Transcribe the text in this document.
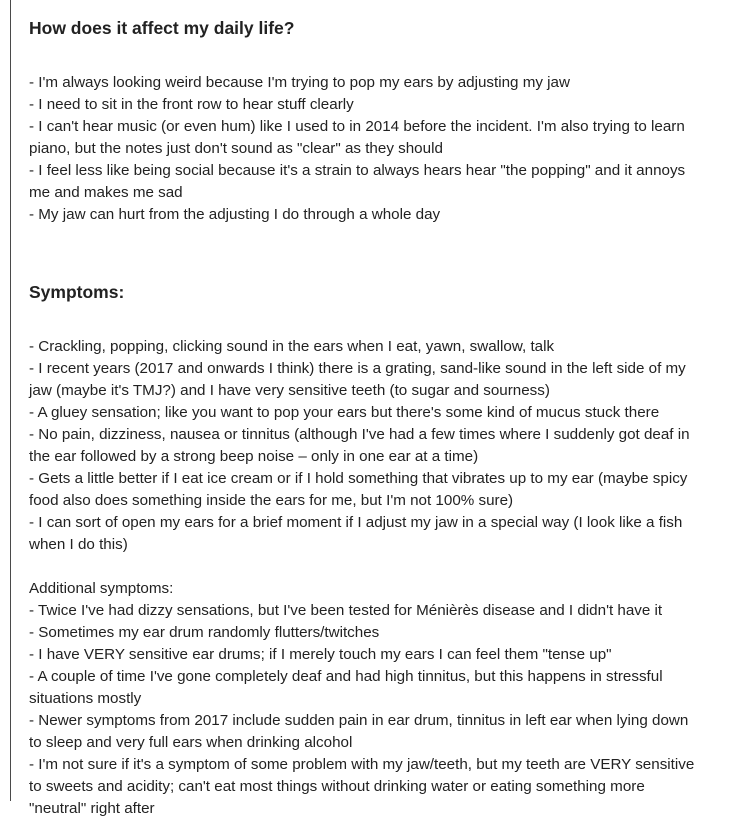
How does it affect my daily life?
- I'm always looking weird because I'm trying to pop my ears by adjusting my jaw
- I need to sit in the front row to hear stuff clearly
- I can't hear music (or even hum) like I used to in 2014 before the incident. I'm also trying to learn
piano, but the notes just don't sound as "clear" as they should
- I feel less like being social because it's a strain to always hears hear "the popping" and it annoys
me and makes me sad
- My jaw can hurt from the adjusting I do through a whole day
Symptoms:
- Crackling, popping, clicking sound in the ears when I eat, yawn, swallow, talk
- I recent years (2017 and onwards I think) there is a grating, sand-like sound in the left side of my
jaw (maybe it's TMJ?) and I have very sensitive teeth (to sugar and sourness)
- A gluey sensation; like you want to pop your ears but there's some kind of mucus stuck there
- No pain, dizziness, nausea or tinnitus (although I've had a few times where I suddenly got deaf in
the ear followed by a strong beep noise – only in one ear at a time)
- Gets a little better if I eat ice cream or if I hold something that vibrates up to my ear (maybe spicy
food also does something inside the ears for me, but I'm not 100% sure)
- I can sort of open my ears for a brief moment if I adjust my jaw in a special way (I look like a fish
when I do this)
Additional symptoms:
- Twice I've had dizzy sensations, but I've been tested for Ménièrès disease and I didn't have it
- Sometimes my ear drum randomly flutters/twitches
- I have VERY sensitive ear drums; if I merely touch my ears I can feel them "tense up"
- A couple of time I've gone completely deaf and had high tinnitus, but this happens in stressful
situations mostly
- Newer symptoms from 2017 include sudden pain in ear drum, tinnitus in left ear when lying down
to sleep and very full ears when drinking alcohol
- I'm not sure if it's a symptom of some problem with my jaw/teeth, but my teeth are VERY sensitive
to sweets and acidity; can't eat most things without drinking water or eating something more
"neutral" right after
